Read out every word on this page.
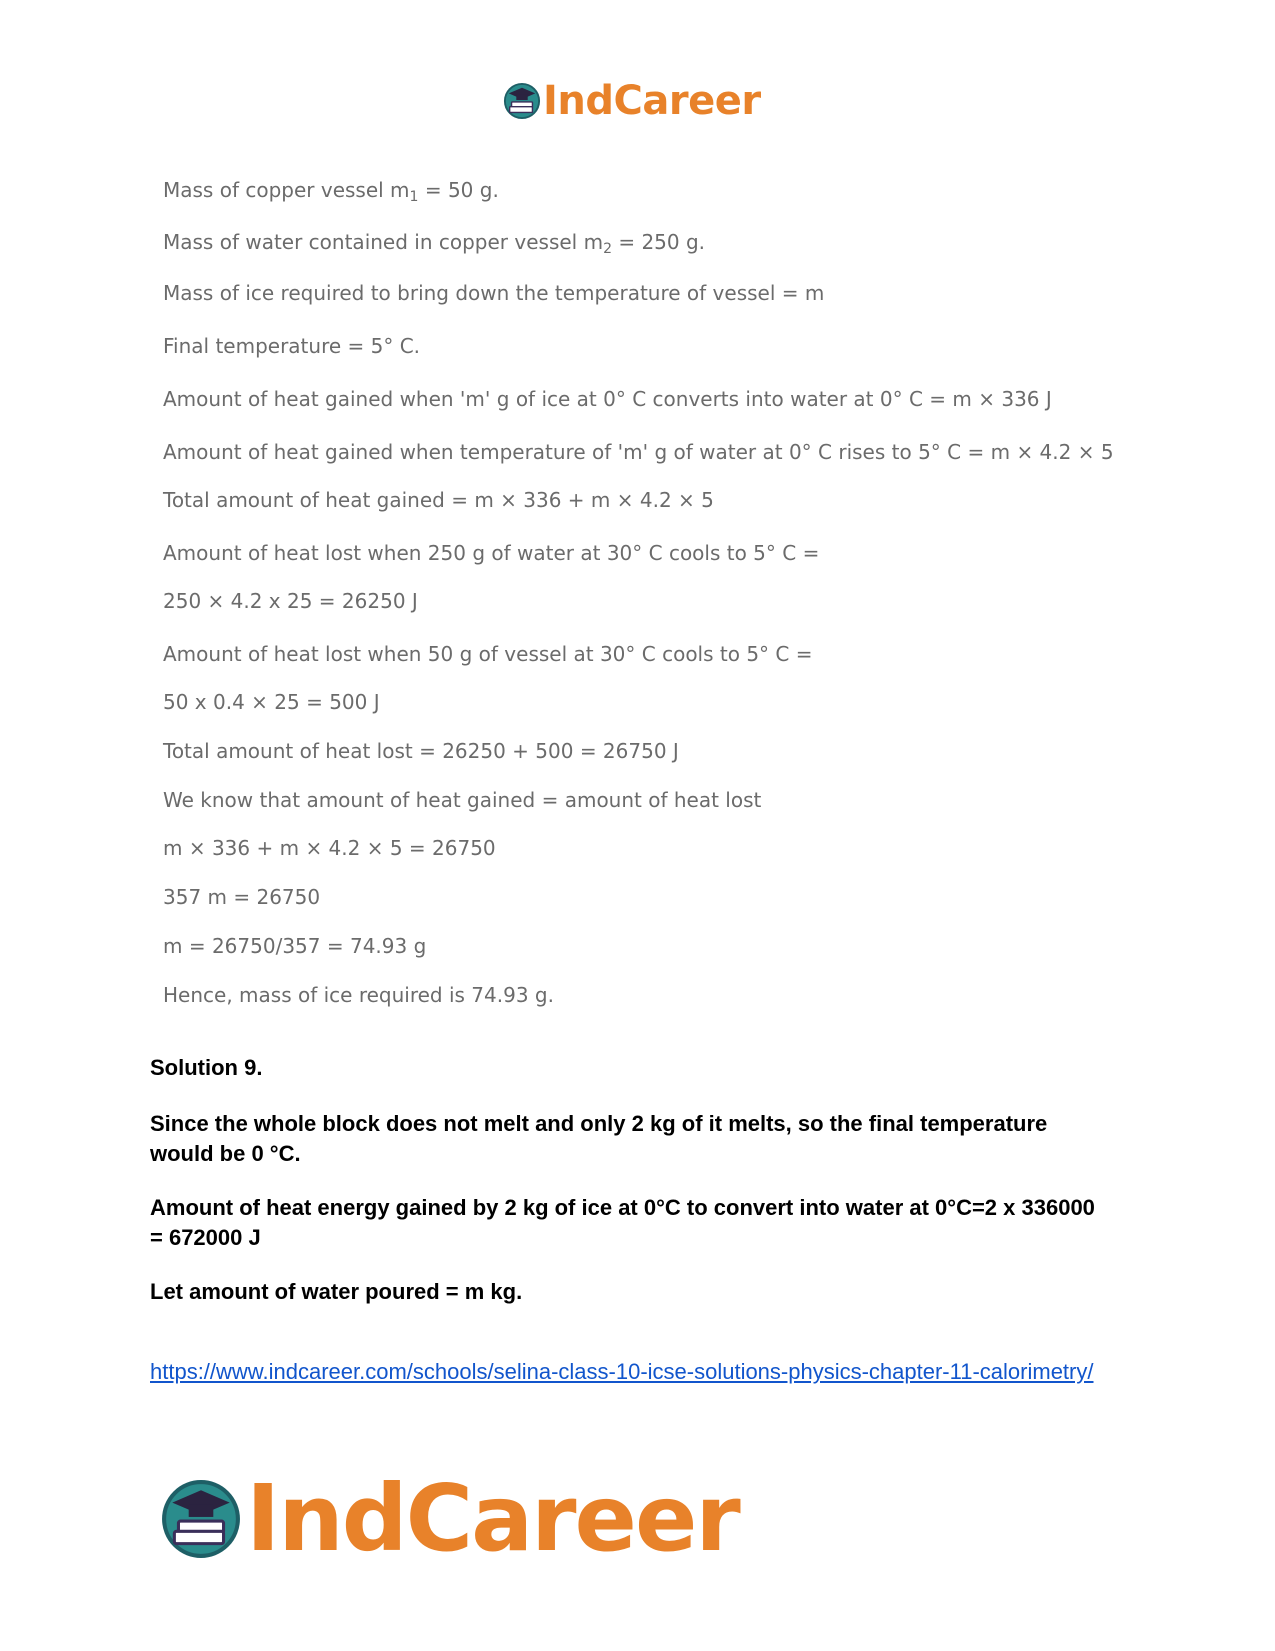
IndCareer
Mass of copper vessel $m_1 = 50$ g.
Mass of water contained in copper vessel $m_2 = 250$ g.
Mass of ice required to bring down the temperature of vessel = m
Final temperature = 5° C.
Amount of heat gained when 'm' g of ice at 0° C converts into water at 0° C = m × 336 J
Amount of heat gained when temperature of 'm' g of water at 0° C rises to 5° C = m × 4.2 × 5
Total amount of heat gained = m × 336 + m × 4.2 × 5
Amount of heat lost when 250 g of water at 30° C cools to 5° C =
250 × 4.2 x 25 = 26250 J
Amount of heat lost when 50 g of vessel at 30° C cools to 5° C =
50 x 0.4 × 25 = 500 J
Total amount of heat lost = 26250 + 500 = 26750 J
We know that amount of heat gained = amount of heat lost
m × 336 + m × 4.2 × 5 = 26750
357 m = 26750
m = 26750/357 = 74.93 g
Hence, mass of ice required is 74.93 g.
Solution 9.
Since the whole block does not melt and only 2 kg of it melts, so the final temperature would be 0 °C.
Amount of heat energy gained by 2 kg of ice at 0°C to convert into water at 0°C=2 x 336000 = 672000 J
Let amount of water poured = m kg.
https://www.indcareer.com/schools/selina-class-10-icse-solutions-physics-chapter-11-calorimetry/
IndCareer
